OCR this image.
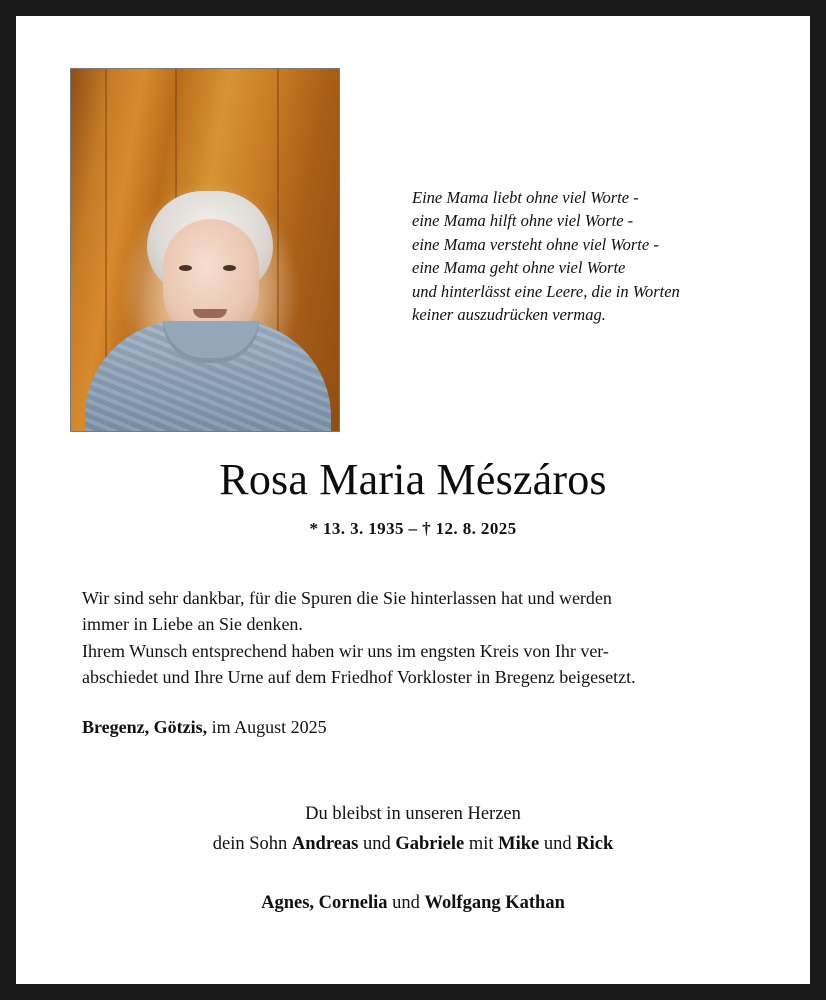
Eine Mama liebt ohne viel Worte -
eine Mama hilft ohne viel Worte -
eine Mama versteht ohne viel Worte -
eine Mama geht ohne viel Worte
und hinterlässt eine Leere, die in Worten
keiner auszudrücken vermag.
Rosa Maria Mészáros
* 13. 3. 1935 – † 12. 8. 2025

Wir sind sehr dankbar, für die Spuren die Sie hinterlassen hat und werden

immer in Liebe an Sie denken.

Ihrem Wunsch entsprechend haben wir uns im engsten Kreis von Ihr ver-

abschiedet und Ihre Urne auf dem Friedhof Vorkloster in Bregenz beigesetzt.

Bregenz, Götzis, im August 2025
Du bleibst in unseren Herzen
dein Sohn Andreas und Gabriele mit Mike und Rick
Agnes, Cornelia und Wolfgang Kathan
